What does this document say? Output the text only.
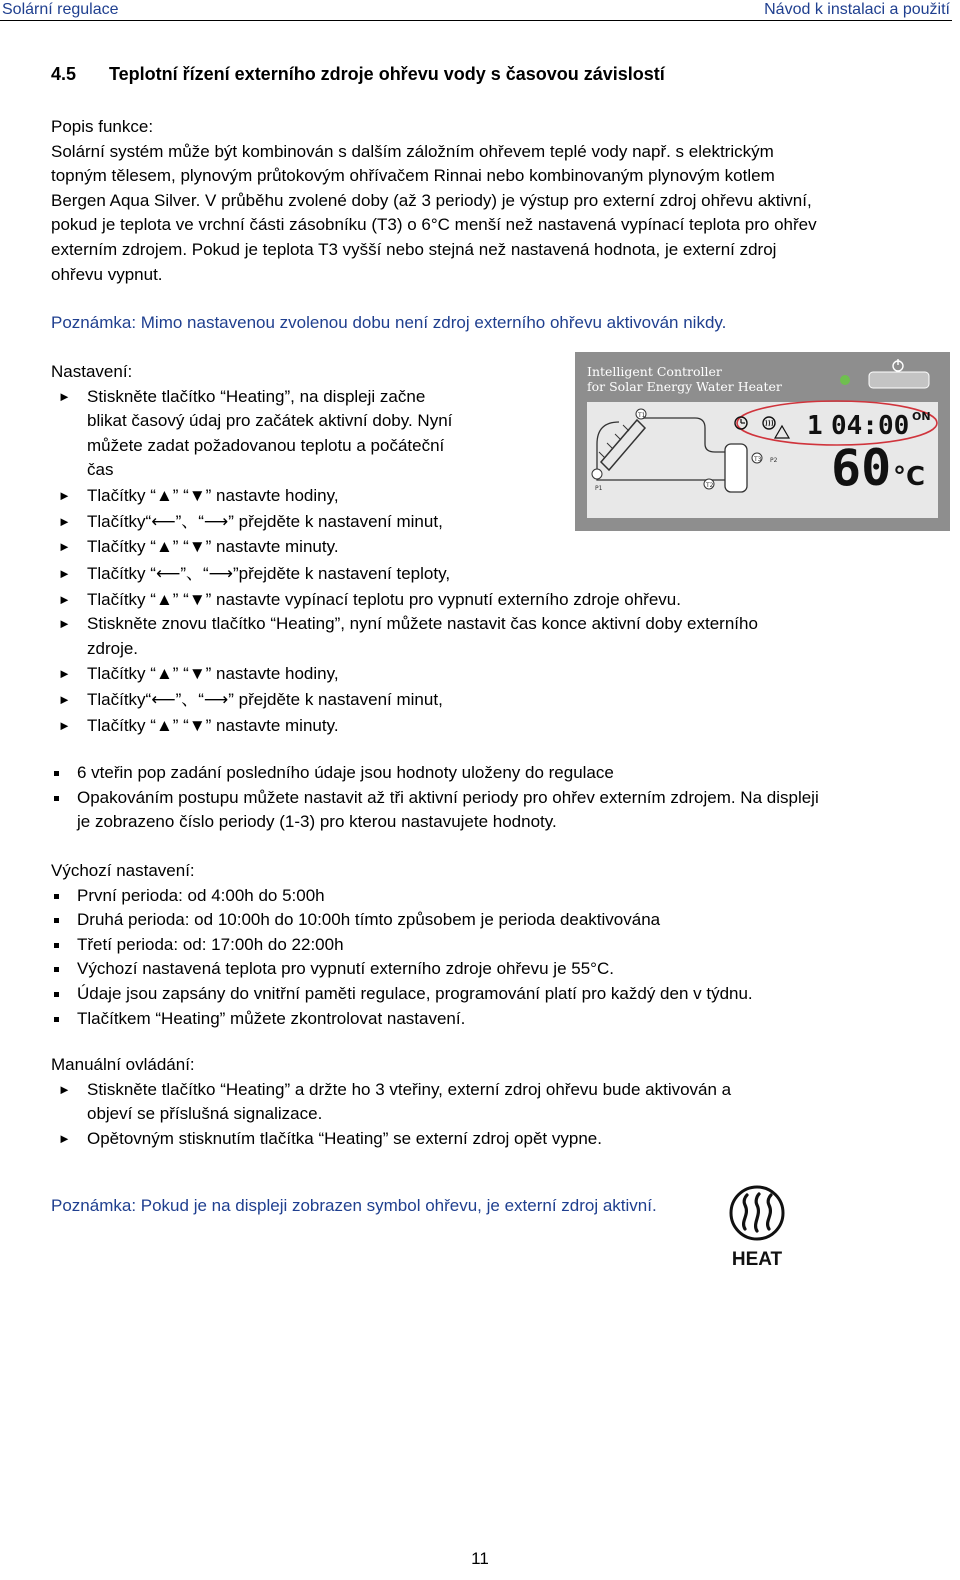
Solární regulace	Návod k instalaci a použití
4.5 Teplotní řízení externího zdroje ohřevu vody s časovou závislostí
Popis funkce:
Solární systém může být kombinován s dalším záložním ohřevem teplé vody např. s elektrickým
topným tělesem, plynovým průtokovým ohřívačem Rinnai nebo kombinovaným plynovým kotlem
Bergen Aqua Silver. V průběhu zvolené doby (až 3 periody) je výstup pro externí zdroj ohřevu aktivní,
pokud je teplota ve vrchní části zásobníku (T3) o 6°C menší než nastavená vypínací teplota pro ohřev
externím zdrojem. Pokud je teplota T3 vyšší nebo stejná než nastavená hodnota, je externí zdroj
ohřevu vypnut.
Poznámka: Mimo nastavenou zvolenou dobu není zdroj externího ohřevu aktivován nikdy.
Nastavení:
► Stiskněte tlačítko “Heating”, na displeji začne
blikat časový údaj pro začátek aktivní doby. Nyní
můžete zadat požadovanou teplotu a počáteční
čas
► Tlačítky “▲” “▼” nastavte hodiny,
► Tlačítky“⟵”、“⟶” přejděte k nastavení minut,
► Tlačítky “▲” “▼” nastavte minuty.
► Tlačítky “⟵”、“⟶”přejděte k nastavení teploty,
► Tlačítky “▲” “▼” nastavte vypínací teplotu pro vypnutí externího zdroje ohřevu.
► Stiskněte znovu tlačítko “Heating”, nyní můžete nastavit čas konce aktivní doby externího
zdroje.
► Tlačítky “▲” “▼” nastavte hodiny,
► Tlačítky“⟵”、“⟶” přejděte k nastavení minut,
► Tlačítky “▲” “▼” nastavte minuty.
Intelligent Controller
for Solar Energy Water Heater
T1
P1	T2
T3 P2
1 04:00 ON
60 °C
6 vteřin pop zadání posledního údaje jsou hodnoty uloženy do regulace
Opakováním postupu můžete nastavit až tři aktivní periody pro ohřev externím zdrojem. Na displeji
je zobrazeno číslo periody (1-3) pro kterou nastavujete hodnoty.
Výchozí nastavení:
První perioda: od 4:00h do 5:00h
Druhá perioda: od 10:00h do 10:00h tímto způsobem je perioda deaktivována
Třetí perioda: od: 17:00h do 22:00h
Výchozí nastavená teplota pro vypnutí externího zdroje ohřevu je 55°C.
Údaje jsou zapsány do vnitřní paměti regulace, programování platí pro každý den v týdnu.
Tlačítkem “Heating” můžete zkontrolovat nastavení.
Manuální ovládání:
► Stiskněte tlačítko “Heating” a držte ho 3 vteřiny, externí zdroj ohřevu bude aktivován a
objeví se příslušná signalizace.
► Opětovným stisknutím tlačítka “Heating” se externí zdroj opět vypne.
Poznámka: Pokud je na displeji zobrazen symbol ohřevu, je externí zdroj aktivní.
HEAT
11
